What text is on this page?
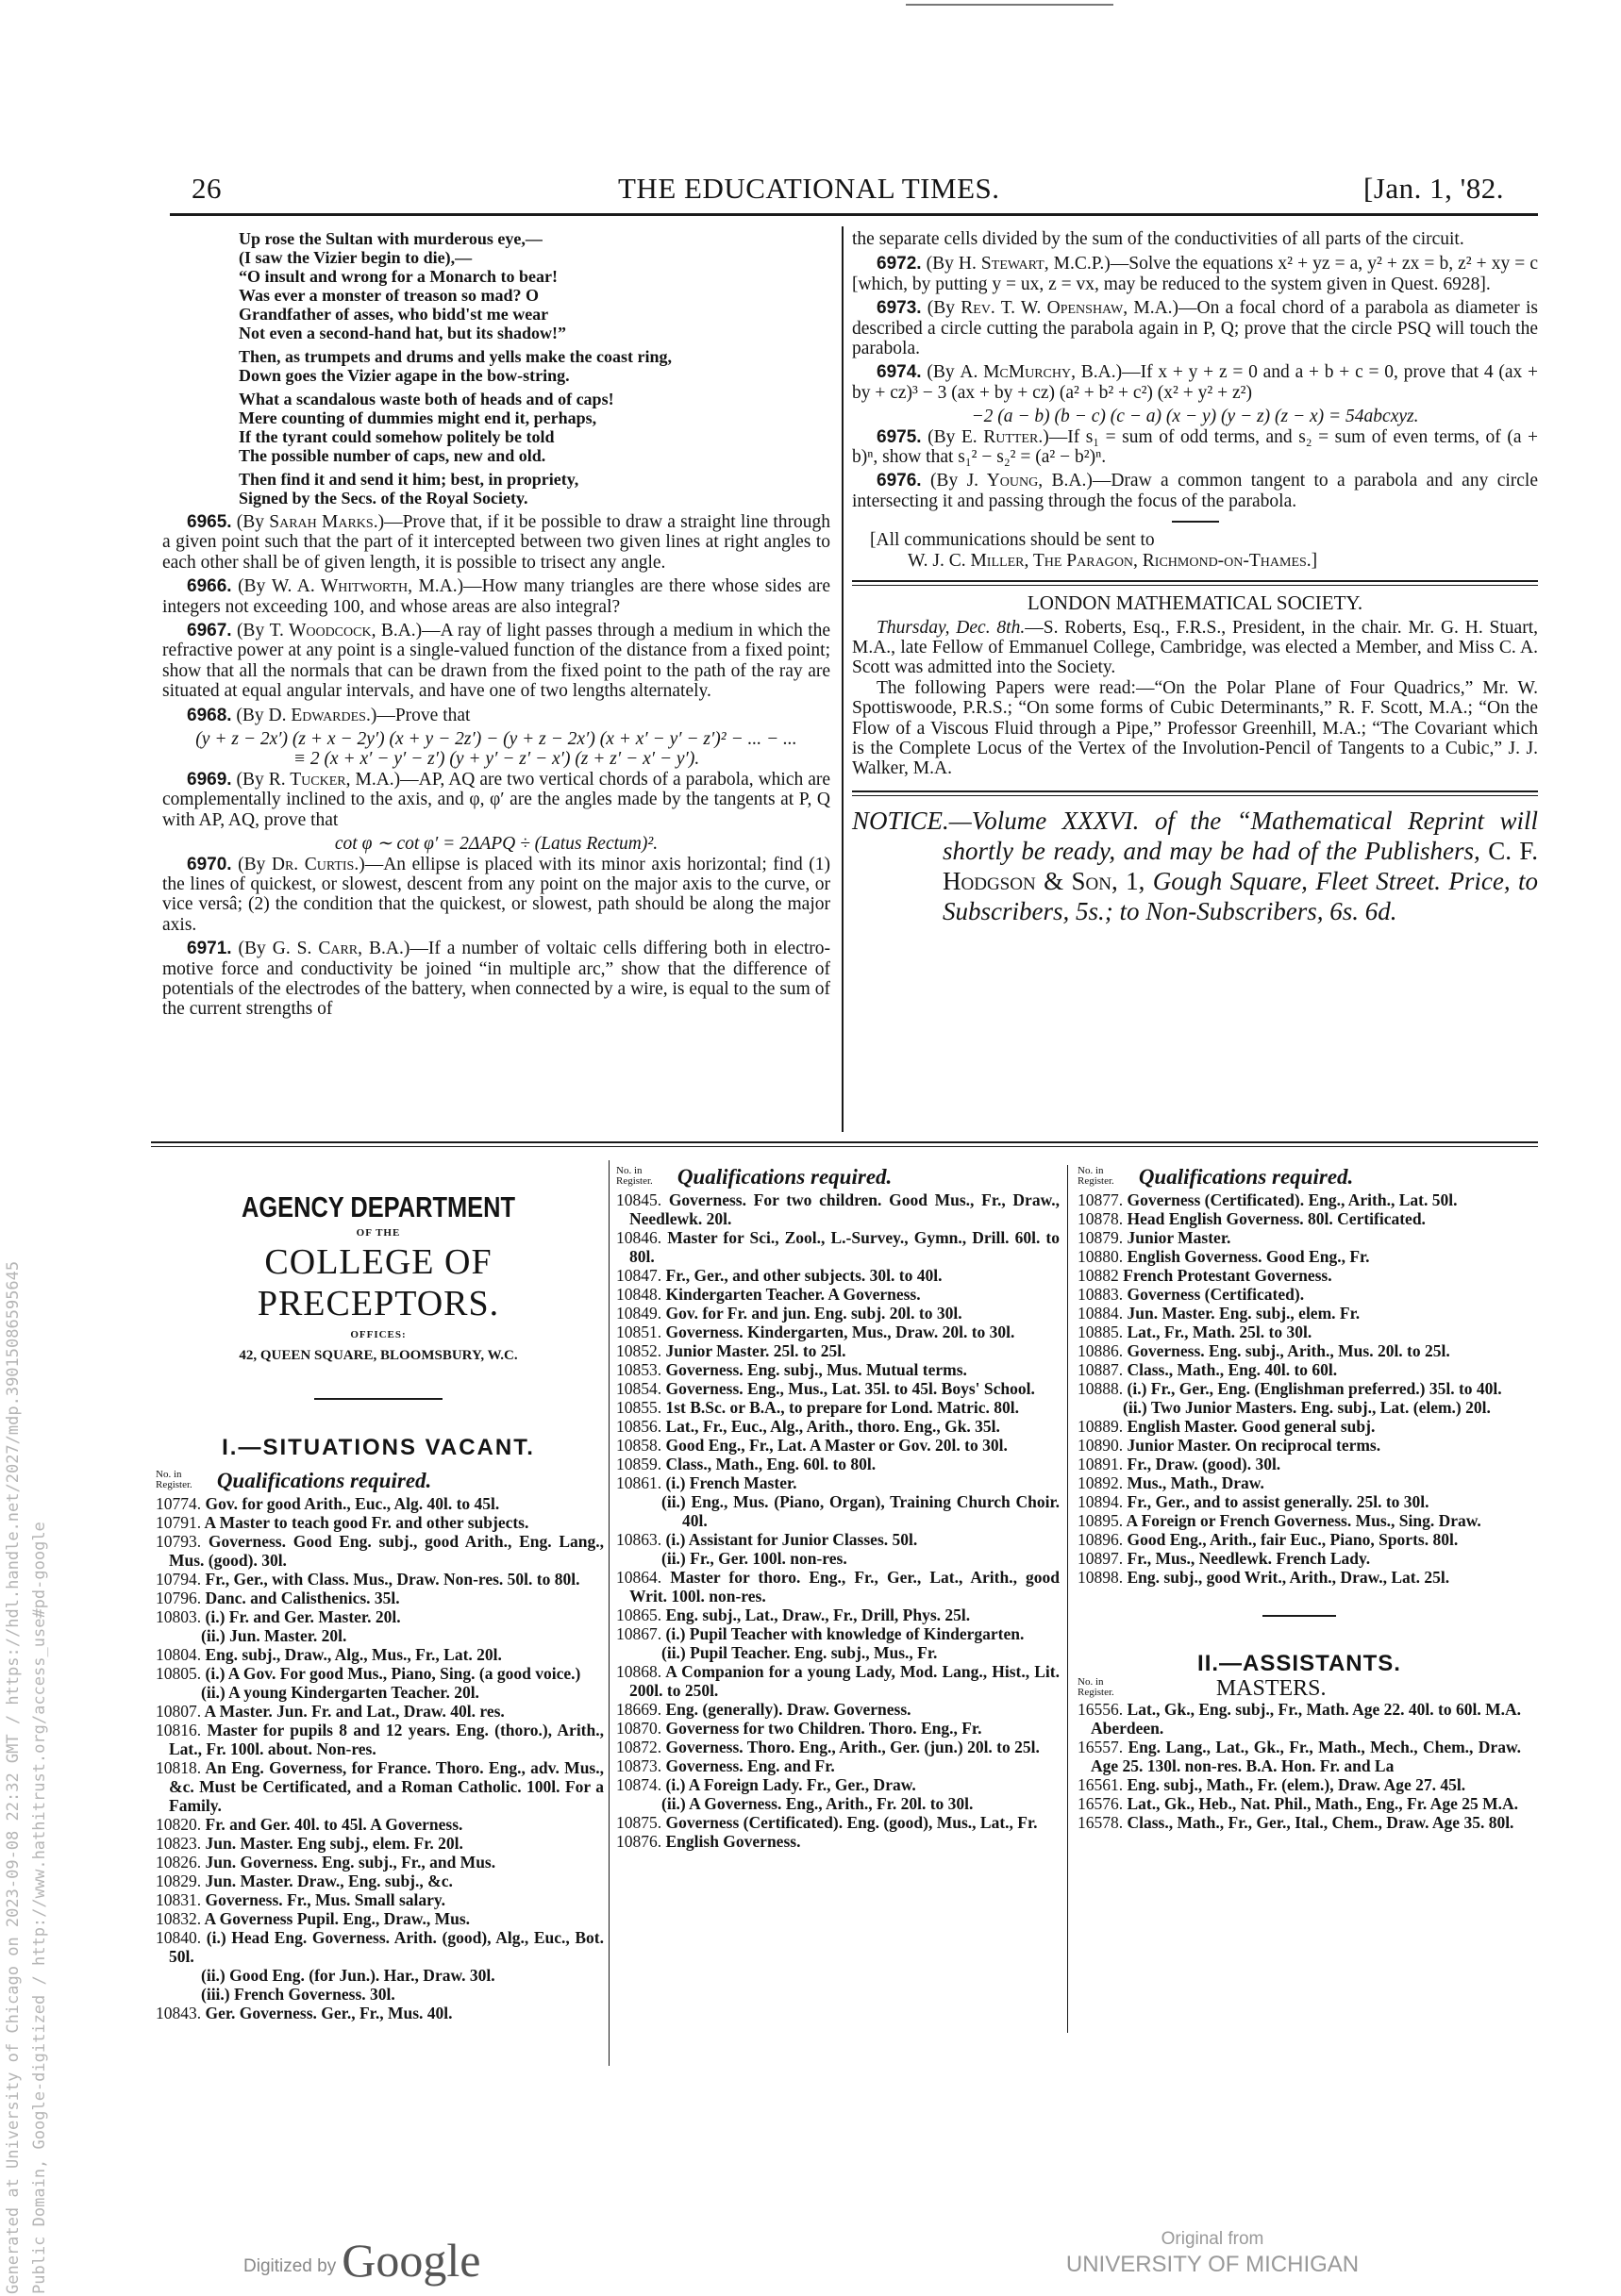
26	THE EDUCATIONAL TIMES.	[Jan. 1, '82.
Up rose the Sultan with murderous eye,—
(I saw the Vizier begin to die),—
“O insult and wrong for a Monarch to bear!
Was ever a monster of treason so mad? O
Grandfather of asses, who bidd'st me wear
Not even a second-hand hat, but its shadow!”
Then, as trumpets and drums and yells make the coast ring,
Down goes the Vizier agape in the bow-string.
What a scandalous waste both of heads and of caps!
Mere counting of dummies might end it, perhaps,
If the tyrant could somehow politely be told
The possible number of caps, new and old.
Then find it and send it him; best, in propriety,
Signed by the Secs. of the Royal Society.
6965. (By Sarah Marks.)—Prove that, if it be possible to draw a straight line through a given point such that the part of it intercepted between two given lines at right angles to each other shall be of given length, it is possible to trisect any angle.
6966. (By W. A. Whitworth, M.A.)—How many triangles are there whose sides are integers not exceeding 100, and whose areas are also integral?
6967. (By T. Woodcock, B.A.)—A ray of light passes through a medium in which the refractive power at any point is a single-valued function of the distance from a fixed point; show that all the normals that can be drawn from the fixed point to the path of the ray are situated at equal angular intervals, and have one of two lengths alternately.
6968. (By D. Edwardes.)—Prove that
(y + z − 2x′) (z + x − 2y′) (x + y − 2z′) − (y + z − 2x′) (x + x′ − y′ − z′)² − ... − ...
≡ 2 (x + x′ − y′ − z′) (y + y′ − z′ − x′) (z + z′ − x′ − y′).
6969. (By R. Tucker, M.A.)—AP, AQ are two vertical chords of a parabola, which are complementally inclined to the axis, and φ, φ′ are the angles made by the tangents at P, Q with AP, AQ, prove that
cot φ ∼ cot φ′ = 2ΔAPQ ÷ (Latus Rectum)².
6970. (By Dr. Curtis.)—An ellipse is placed with its minor axis horizontal; find (1) the lines of quickest, or slowest, descent from any point on the major axis to the curve, or vice versâ; (2) the condition that the quickest, or slowest, path should be along the major axis.
6971. (By G. S. Carr, B.A.)—If a number of voltaic cells differing both in electro-motive force and conductivity be joined “in multiple arc,” show that the difference of potentials of the electrodes of the battery, when connected by a wire, is equal to the sum of the current strengths of
the separate cells divided by the sum of the conductivities of all parts of the circuit.
6972. (By H. Stewart, M.C.P.)—Solve the equations x² + yz = a, y² + zx = b, z² + xy = c [which, by putting y = ux, z = vx, may be reduced to the system given in Quest. 6928].
6973. (By Rev. T. W. Openshaw, M.A.)—On a focal chord of a parabola as diameter is described a circle cutting the parabola again in P, Q; prove that the circle PSQ will touch the parabola.
6974. (By A. McMurchy, B.A.)—If x + y + z = 0 and a + b + c = 0, prove that 4 (ax + by + cz)³ − 3 (ax + by + cz) (a² + b² + c²) (x² + y² + z²)
−2 (a − b) (b − c) (c − a) (x − y) (y − z) (z − x) = 54abcxyz.
6975. (By E. Rutter.)—If s₁ = sum of odd terms, and s₂ = sum of even terms, of (a + b)ⁿ, show that s₁² − s₂² = (a² − b²)ⁿ.
6976. (By J. Young, B.A.)—Draw a common tangent to a parabola and any circle intersecting it and passing through the focus of the parabola.
[All communications should be sent to
W. J. C. Miller, The Paragon, Richmond-on-Thames.]
LONDON MATHEMATICAL SOCIETY.
Thursday, Dec. 8th.—S. Roberts, Esq., F.R.S., President, in the chair. Mr. G. H. Stuart, M.A., late Fellow of Emmanuel College, Cambridge, was elected a Member, and Miss C. A. Scott was admitted into the Society.
The following Papers were read:—“On the Polar Plane of Four Quadrics,” Mr. W. Spottiswoode, P.R.S.; “On some forms of Cubic Determinants,” R. F. Scott, M.A.; “On the Flow of a Viscous Fluid through a Pipe,” Professor Greenhill, M.A.; “The Covariant which is the Complete Locus of the Vertex of the Involution-Pencil of Tangents to a Cubic,” J. J. Walker, M.A.
NOTICE.—Volume XXXVI. of the “Mathematical Reprint will shortly be ready, and may be had of the Publishers, C. F. Hodgson & Son, 1, Gough Square, Fleet Street. Price, to Subscribers, 5s.; to Non-Subscribers, 6s. 6d.
AGENCY DEPARTMENT
OF THE
COLLEGE OF PRECEPTORS.
OFFICES:
42, QUEEN SQUARE, BLOOMSBURY, W.C.
I.—SITUATIONS VACANT.
No. in
Register. Qualifications required.
10774. Gov. for good Arith., Euc., Alg. 40l. to 45l.
10791. A Master to teach good Fr. and other subjects.
10793. Governess. Good Eng. subj., good Arith., Eng. Lang., Mus. (good). 30l.
10794. Fr., Ger., with Class. Mus., Draw. Non-res. 50l. to 80l.
10796. Danc. and Calisthenics. 35l.
10803. (i.) Fr. and Ger. Master. 20l.
(ii.) Jun. Master. 20l.
10804. Eng. subj., Draw., Alg., Mus., Fr., Lat. 20l.
10805. (i.) A Gov. For good Mus., Piano, Sing. (a good voice.)
(ii.) A young Kindergarten Teacher. 20l.
10807. A Master. Jun. Fr. and Lat., Draw. 40l. res.
10816. Master for pupils 8 and 12 years. Eng. (thoro.), Arith., Lat., Fr. 100l. about. Non-res.
10818. An Eng. Governess, for France. Thoro. Eng., adv. Mus., &c. Must be Certificated, and a Roman Catholic. 100l. For a Family.
10820. Fr. and Ger. 40l. to 45l. A Governess.
10823. Jun. Master. Eng subj., elem. Fr. 20l.
10826. Jun. Governess. Eng. subj., Fr., and Mus.
10829. Jun. Master. Draw., Eng. subj., &c.
10831. Governess. Fr., Mus. Small salary.
10832. A Governess Pupil. Eng., Draw., Mus.
10840. (i.) Head Eng. Governess. Arith. (good), Alg., Euc., Bot. 50l.
(ii.) Good Eng. (for Jun.). Har., Draw. 30l.
(iii.) French Governess. 30l.
10843. Ger. Governess. Ger., Fr., Mus. 40l.
No. in
Register. Qualifications required.
10845. Governess. For two children. Good Mus., Fr., Draw., Needlewk. 20l.
10846. Master for Sci., Zool., L.-Survey., Gymn., Drill. 60l. to 80l.
10847. Fr., Ger., and other subjects. 30l. to 40l.
10848. Kindergarten Teacher. A Governess.
10849. Gov. for Fr. and jun. Eng. subj. 20l. to 30l.
10851. Governess. Kindergarten, Mus., Draw. 20l. to 30l.
10852. Junior Master. 25l. to 25l.
10853. Governess. Eng. subj., Mus. Mutual terms.
10854. Governess. Eng., Mus., Lat. 35l. to 45l. Boys' School.
10855. 1st B.Sc. or B.A., to prepare for Lond. Matric. 80l.
10856. Lat., Fr., Euc., Alg., Arith., thoro. Eng., Gk. 35l.
10858. Good Eng., Fr., Lat. A Master or Gov. 20l. to 30l.
10859. Class., Math., Eng. 60l. to 80l.
10861. (i.) French Master.
(ii.) Eng., Mus. (Piano, Organ), Training Church Choir. 40l.
10863. (i.) Assistant for Junior Classes. 50l.
(ii.) Fr., Ger. 100l. non-res.
10864. Master for thoro. Eng., Fr., Ger., Lat., Arith., good Writ. 100l. non-res.
10865. Eng. subj., Lat., Draw., Fr., Drill, Phys. 25l.
10867. (i.) Pupil Teacher with knowledge of Kindergarten.
(ii.) Pupil Teacher. Eng. subj., Mus., Fr.
10868. A Companion for a young Lady, Mod. Lang., Hist., Lit. 200l. to 250l.
18669. Eng. (generally). Draw. Governess.
10870. Governess for two Children. Thoro. Eng., Fr.
10872. Governess. Thoro. Eng., Arith., Ger. (jun.) 20l. to 25l.
10873. Governess. Eng. and Fr.
10874. (i.) A Foreign Lady. Fr., Ger., Draw.
(ii.) A Governess. Eng., Arith., Fr. 20l. to 30l.
10875. Governess (Certificated). Eng. (good), Mus., Lat., Fr.
10876. English Governess.
No. in
Register. Qualifications required.
10877. Governess (Certificated). Eng., Arith., Lat. 50l.
10878. Head English Governess. 80l. Certificated.
10879. Junior Master.
10880. English Governess. Good Eng., Fr.
10882 French Protestant Governess.
10883. Governess (Certificated).
10884. Jun. Master. Eng. subj., elem. Fr.
10885. Lat., Fr., Math. 25l. to 30l.
10886. Governess. Eng. subj., Arith., Mus. 20l. to 25l.
10887. Class., Math., Eng. 40l. to 60l.
10888. (i.) Fr., Ger., Eng. (Englishman preferred.) 35l. to 40l.
(ii.) Two Junior Masters. Eng. subj., Lat. (elem.) 20l.
10889. English Master. Good general subj.
10890. Junior Master. On reciprocal terms.
10891. Fr., Draw. (good). 30l.
10892. Mus., Math., Draw.
10894. Fr., Ger., and to assist generally. 25l. to 30l.
10895. A Foreign or French Governess. Mus., Sing. Draw.
10896. Good Eng., Arith., fair Euc., Piano, Sports. 80l.
10897. Fr., Mus., Needlewk. French Lady.
10898. Eng. subj., good Writ., Arith., Draw., Lat. 25l.
II.—ASSISTANTS.
No. in
Register.	MASTERS.
16556. Lat., Gk., Eng. subj., Fr., Math. Age 22. 40l. to 60l. M.A. Aberdeen.
16557. Eng. Lang., Lat., Gk., Fr., Math., Mech., Chem., Draw. Age 25. 130l. non-res. B.A. Hon. Fr. and La
16561. Eng. subj., Math., Fr. (elem.), Draw. Age 27. 45l.
16576. Lat., Gk., Heb., Nat. Phil., Math., Eng., Fr. Age 25 M.A.
16578. Class., Math., Fr., Ger., Ital., Chem., Draw. Age 35. 80l.
Digitized by Google	Original from
UNIVERSITY OF MICHIGAN
Generated at University of Chicago on 2023-09-08 22:32 GMT / https://hdl.handle.net/2027/mdp.39015086595645 Public Domain, Google-digitized / http://www.hathitrust.org/access_use#pd-google
